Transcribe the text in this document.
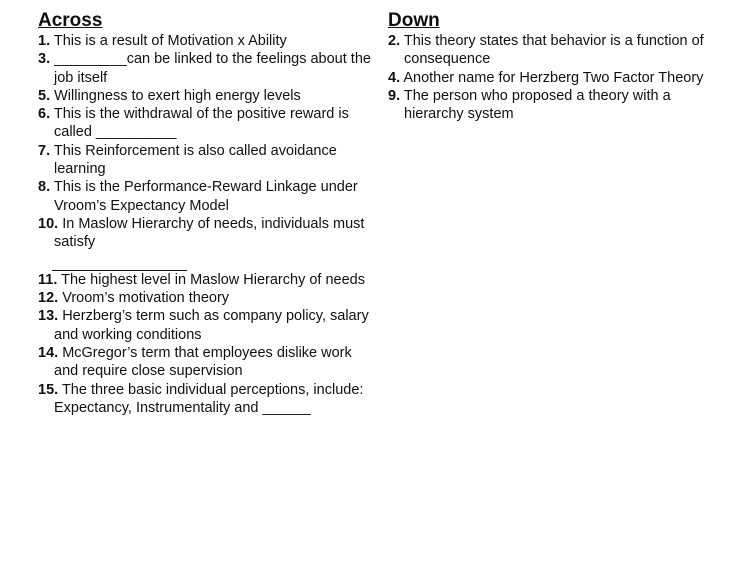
Across

1. This is a result of Motivation x Ability

3. _________can be linked to the feelings about the job itself

5. Willingness to exert high energy levels

6. This is the withdrawal of the positive reward is called __________

7. This Reinforcement is also called avoidance learning

8. This is the Performance-Reward Linkage under Vroom’s Expectancy Model

10. In Maslow Hierarchy of needs, individuals must satisfy

11. The highest level in Maslow Hierarchy of needs

12. Vroom’s motivation theory

13. Herzberg’s term such as company policy, salary and working conditions

14. McGregor’s term that employees dislike work and require close supervision

15. The three basic individual perceptions, include: Expectancy, Instrumentality and ______

Down

2. This theory states that behavior is a function of consequence

4. Another name for Herzberg Two Factor Theory

9. The person who proposed a theory with a hierarchy system
